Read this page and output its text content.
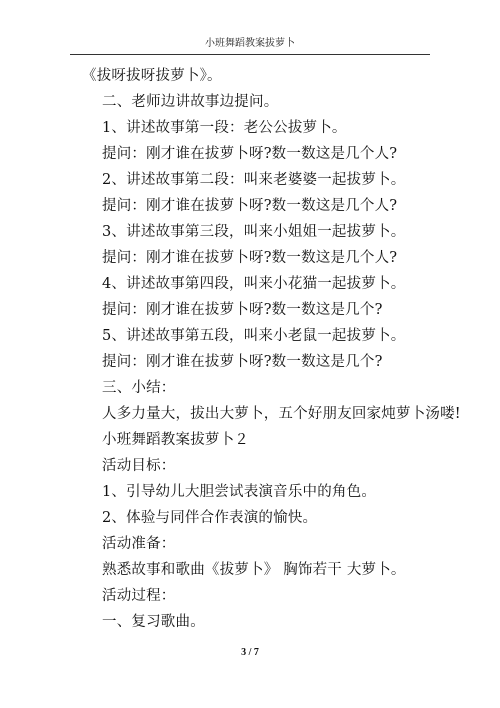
小班舞蹈教案拔萝卜
《拔呀拔呀拔萝卜》。
二、老师边讲故事边提问。
1、讲述故事第一段：老公公拔萝卜。
提问：刚才谁在拔萝卜呀?数一数这是几个人?
2、讲述故事第二段：叫来老婆婆一起拔萝卜。
提问：刚才谁在拔萝卜呀?数一数这是几个人?
3、讲述故事第三段，叫来小姐姐一起拔萝卜。
提问：刚才谁在拔萝卜呀?数一数这是几个人?
4、讲述故事第四段，叫来小花猫一起拔萝卜。
提问：刚才谁在拔萝卜呀?数一数这是几个?
5、讲述故事第五段，叫来小老鼠一起拔萝卜。
提问：刚才谁在拔萝卜呀?数一数这是几个?
三、小结：
人多力量大，拔出大萝卜，五个好朋友回家炖萝卜汤喽!
小班舞蹈教案拔萝卜２
活动目标：
1、引导幼儿大胆尝试表演音乐中的角色。
2、体验与同伴合作表演的愉快。
活动准备：
熟悉故事和歌曲《拔萝卜》 胸饰若干 大萝卜。
活动过程：
一、复习歌曲。
3 / 7
